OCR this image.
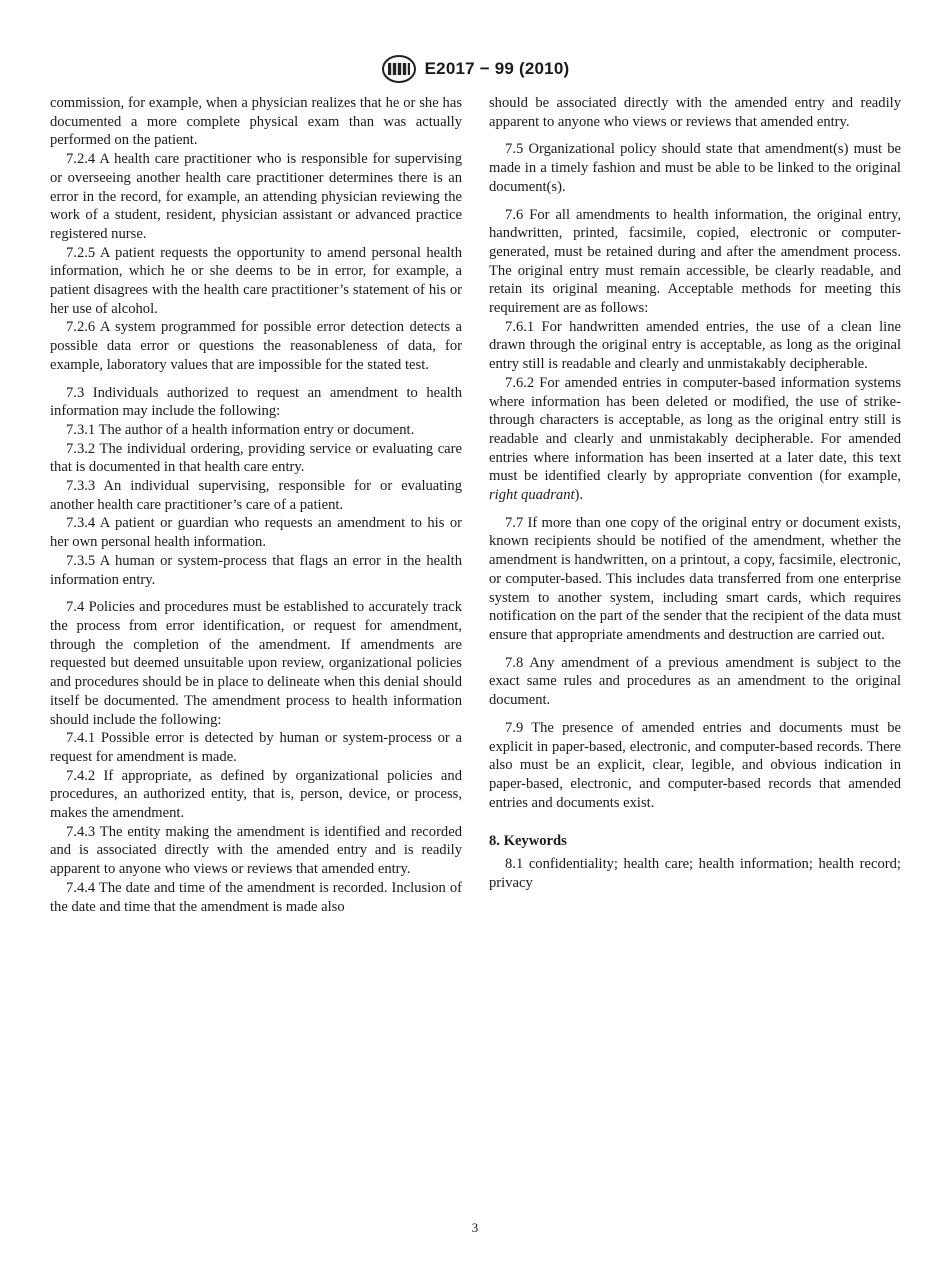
E2017 − 99 (2010)

commission, for example, when a physician realizes that he or she has documented a more complete physical exam than was actually performed on the patient.

7.2.4 A health care practitioner who is responsible for supervising or overseeing another health care practitioner determines there is an error in the record, for example, an attending physician reviewing the work of a student, resident, physician assistant or advanced practice registered nurse.

7.2.5 A patient requests the opportunity to amend personal health information, which he or she deems to be in error, for example, a patient disagrees with the health care practitioner’s statement of his or her use of alcohol.

7.2.6 A system programmed for possible error detection detects a possible data error or questions the reasonableness of data, for example, laboratory values that are impossible for the stated test.

7.3 Individuals authorized to request an amendment to health information may include the following:

7.3.1 The author of a health information entry or document.

7.3.2 The individual ordering, providing service or evaluating care that is documented in that health care entry.

7.3.3 An individual supervising, responsible for or evaluating another health care practitioner’s care of a patient.

7.3.4 A patient or guardian who requests an amendment to his or her own personal health information.

7.3.5 A human or system-process that flags an error in the health information entry.

7.4 Policies and procedures must be established to accurately track the process from error identification, or request for amendment, through the completion of the amendment. If amendments are requested but deemed unsuitable upon review, organizational policies and procedures should be in place to delineate when this denial should itself be documented. The amendment process to health information should include the following:

7.4.1 Possible error is detected by human or system-process or a request for amendment is made.

7.4.2 If appropriate, as defined by organizational policies and procedures, an authorized entity, that is, person, device, or process, makes the amendment.

7.4.3 The entity making the amendment is identified and recorded and is associated directly with the amended entry and is readily apparent to anyone who views or reviews that amended entry.

7.4.4 The date and time of the amendment is recorded. Inclusion of the date and time that the amendment is made also

should be associated directly with the amended entry and readily apparent to anyone who views or reviews that amended entry.

7.5 Organizational policy should state that amendment(s) must be made in a timely fashion and must be able to be linked to the original document(s).

7.6 For all amendments to health information, the original entry, handwritten, printed, facsimile, copied, electronic or computer-generated, must be retained during and after the amendment process. The original entry must remain accessible, be clearly readable, and retain its original meaning. Acceptable methods for meeting this requirement are as follows:

7.6.1 For handwritten amended entries, the use of a clean line drawn through the original entry is acceptable, as long as the original entry still is readable and clearly and unmistakably decipherable.

7.6.2 For amended entries in computer-based information systems where information has been deleted or modified, the use of strike-through characters is acceptable, as long as the original entry still is readable and clearly and unmistakably decipherable. For amended entries where information has been inserted at a later date, this text must be identified clearly by appropriate convention (for example, right quadrant).

7.7 If more than one copy of the original entry or document exists, known recipients should be notified of the amendment, whether the amendment is handwritten, on a printout, a copy, facsimile, electronic, or computer-based. This includes data transferred from one enterprise system to another system, including smart cards, which requires notification on the part of the sender that the recipient of the data must ensure that appropriate amendments and destruction are carried out.

7.8 Any amendment of a previous amendment is subject to the exact same rules and procedures as an amendment to the original document.

7.9 The presence of amended entries and documents must be explicit in paper-based, electronic, and computer-based records. There also must be an explicit, clear, legible, and obvious indication in paper-based, electronic, and computer-based records that amended entries and documents exist.

8. Keywords

8.1 confidentiality; health care; health information; health record; privacy

3
